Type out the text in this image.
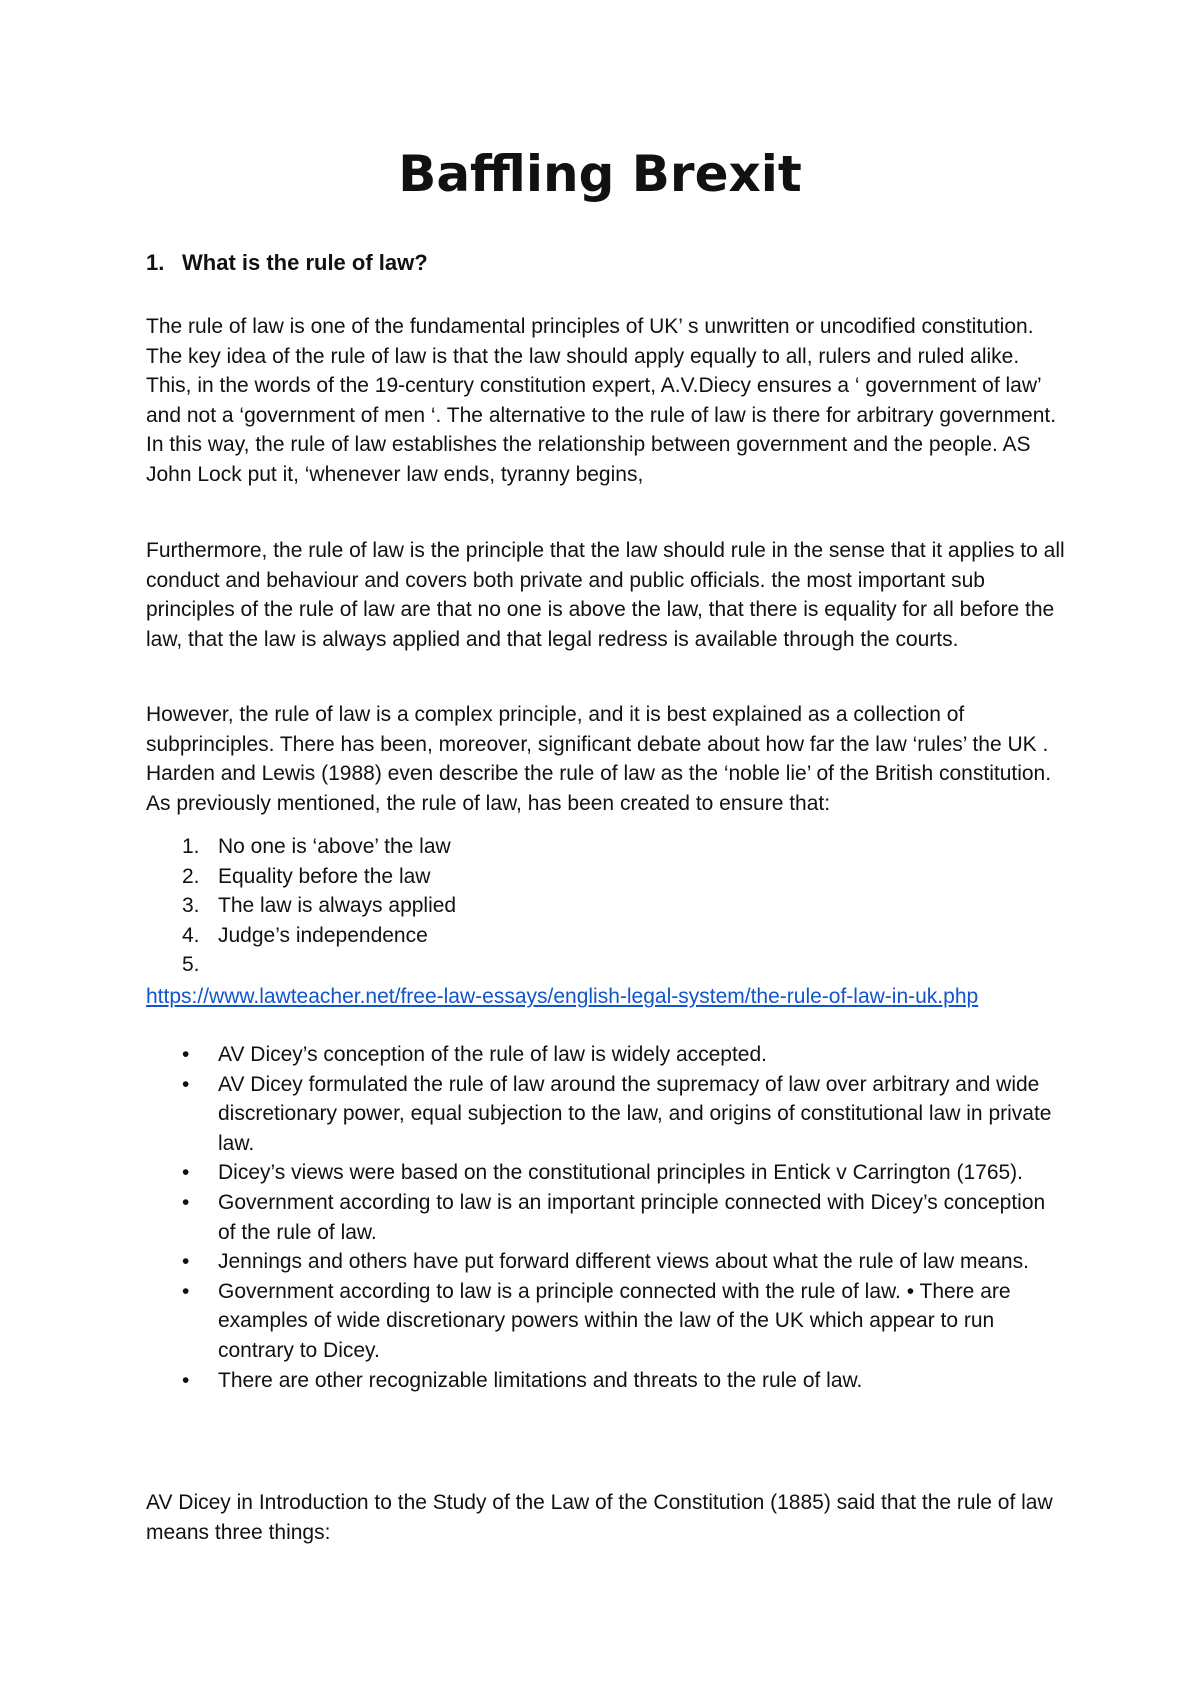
Baffling Brexit
1. What is the rule of law?

The rule of law is one of the fundamental principles of UK’ s unwritten or uncodified constitution. The key idea of the rule of law is that the law should apply equally to all, rulers and ruled alike. This, in the words of the 19-century constitution expert, A.V.Diecy ensures a ‘ government of law’ and not a ‘government of men ‘. The alternative to the rule of law is there for arbitrary government. In this way, the rule of law establishes the relationship between government and the people. AS John Lock put it, ‘whenever law ends, tyranny begins,

Furthermore, the rule of law is the principle that the law should rule in the sense that it applies to all conduct and behaviour and covers both private and public officials. the most important sub principles of the rule of law are that no one is above the law, that there is equality for all before the law, that the law is always applied and that legal redress is available through the courts.

However, the rule of law is a complex principle, and it is best explained as a collection of subprinciples. There has been, moreover, significant debate about how far the law ‘rules’ the UK . Harden and Lewis (1988) even describe the rule of law as the ‘noble lie’ of the British constitution. As previously mentioned, the rule of law, has been created to ensure that:

1. No one is ‘above’ the law
2. Equality before the law
3. The law is always applied
4. Judge’s independence
5.

https://www.lawteacher.net/free-law-essays/english-legal-system/the-rule-of-law-in-uk.php
• AV Dicey’s conception of the rule of law is widely accepted.
• AV Dicey formulated the rule of law around the supremacy of law over arbitrary and wide discretionary power, equal subjection to the law, and origins of constitutional law in private law.
• Dicey’s views were based on the constitutional principles in Entick v Carrington (1765).
• Government according to law is an important principle connected with Dicey’s conception of the rule of law.
• Jennings and others have put forward different views about what the rule of law means.
• Government according to law is a principle connected with the rule of law. • There are examples of wide discretionary powers within the law of the UK which appear to run contrary to Dicey.
• There are other recognizable limitations and threats to the rule of law.

AV Dicey in Introduction to the Study of the Law of the Constitution (1885) said that the rule of law means three things:
